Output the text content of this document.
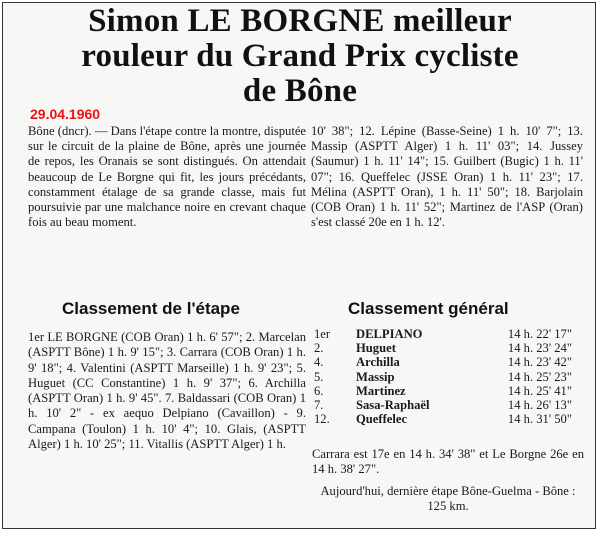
Simon LE BORGNE meilleur
rouleur du Grand Prix cycliste
de Bône
29.04.1960

Bône (dncr). — Dans l'étape contre la montre, disputée sur le circuit de la plaine de Bône, après une journée de repos, les Oranais se sont distingués. On attendait beaucoup de Le Borgne qui fit, les jours précédants, constamment étalage de sa grande classe, mais fut poursuivie par une malchance noire en crevant chaque fois au beau moment.

10' 38"; 12. Lépine (Basse-Seine) 1 h. 10' 7"; 13. Massip (ASPTT Alger) 1 h. 11' 03"; 14. Jussey (Saumur) 1 h. 11' 14"; 15. Guilbert (Bugic) 1 h. 11' 07"; 16. Queffelec (JSSE Oran) 1 h. 11' 23"; 17. Mélina (ASPTT Oran), 1 h. 11' 50"; 18. Barjolain (COB Oran) 1 h. 11' 52"; Martinez de l'ASP (Oran) s'est classé 20e en 1 h. 12'.

Classement de l'étape	Classement général
1er LE BORGNE (COB Oran) 1 h. 6' 57"; 2. Marcelan (ASPTT Bône) 1 h. 9' 15"; 3. Carrara (COB Oran) 1 h. 9' 18"; 4. Valentini (ASPTT Marseille) 1 h. 9' 23"; 5. Huguet (CC Constantine) 1 h. 9' 37"; 6. Archilla (ASPTT Oran) 1 h. 9' 45". 7. Baldassari (COB Oran) 1 h. 10' 2" - ex aequo Delpiano (Cavaillon) - 9. Campana (Toulon) 1 h. 10' 4"; 10. Glais, (ASPTT Alger) 1 h. 10' 25"; 11. Vitallis (ASPTT Alger) 1 h.
1er	DELPIANO	14 h. 22' 17"
2.	Huguet	14 h. 23' 24"
4.	Archilla	14 h. 23' 42"
5.	Massip	14 h. 25' 23"
6.	Martinez	14 h. 25' 41"
7.	Sasa-Raphaël	14 h. 26' 13"
12.	Queffelec	14 h. 31' 50"
Carrara est 17e en 14 h. 34' 38" et Le Borgne 26e en 14 h. 38' 27".
Aujourd'hui, dernière étape Bône-Guelma - Bône : 125 km.
